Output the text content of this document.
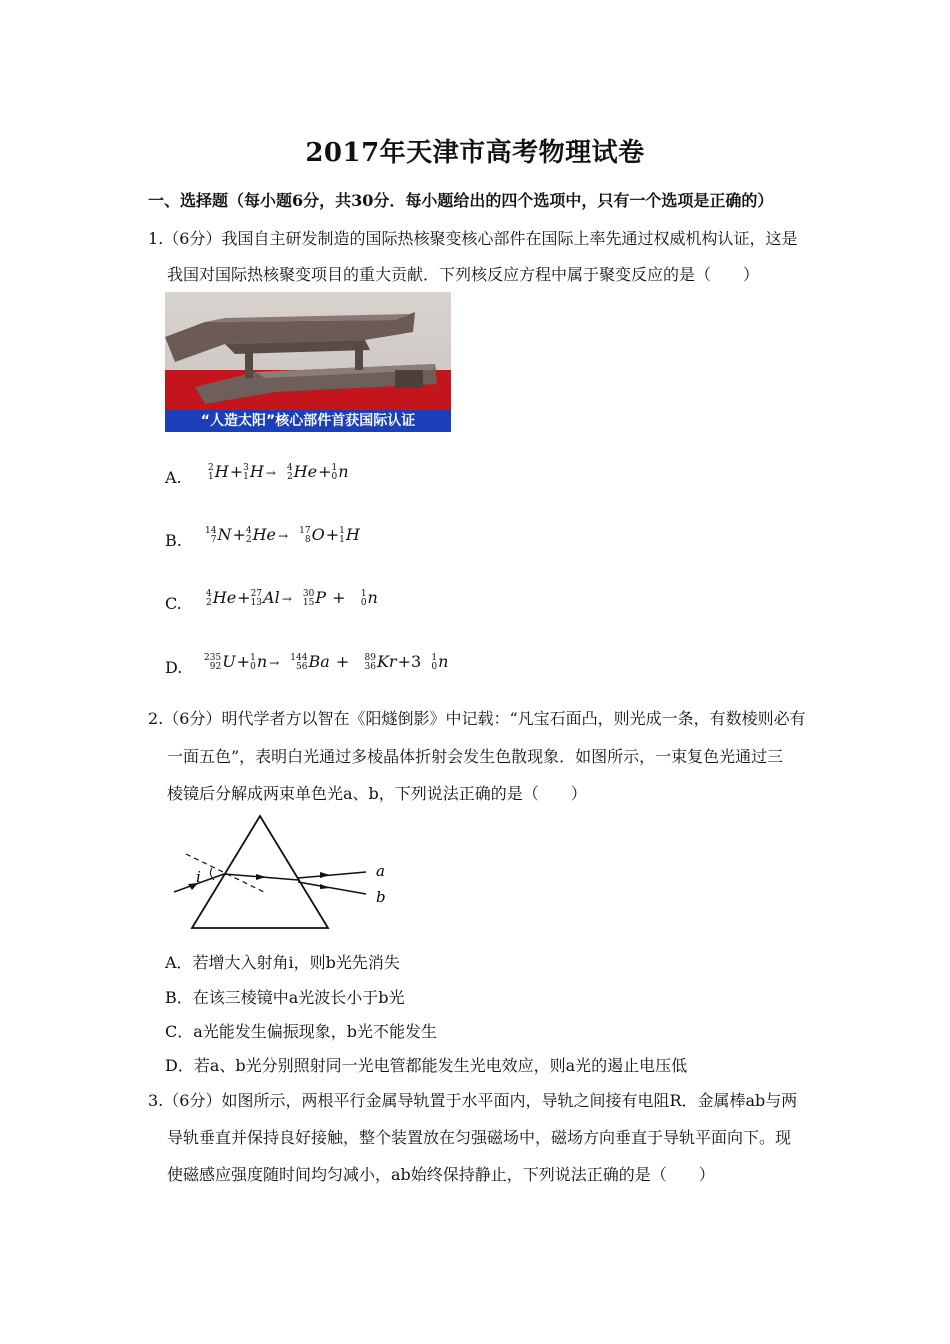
2017年天津市高考物理试卷
一、选择题（每小题6分，共30分．每小题给出的四个选项中，只有一个选项是正确的）
1.（6分）我国自主研发制造的国际热核聚变核心部件在国际上率先通过权威机构认证，这是
我国对国际热核聚变项目的重大贡献．下列核反应方程中属于聚变反应的是（　　）
“人造太阳”核心部件首获国际认证
A.
2
1 H+ 3
1 H → 4
2 He+ 1
0 n
B.
14
7 N+ 4
2 He → 17
8 O+ 1
1 H
C.
4
2 He+ 27
13 Al → 30
15 P + 1
0 n
D.
235
92 U+ 1
0 n → 144
56 Ba + 89
36 Kr+3 1
0 n
2.（6分）明代学者方以智在《阳燧倒影》中记载：“凡宝石面凸，则光成一条，有数棱则必有
一面五色”，表明白光通过多棱晶体折射会发生色散现象．如图所示，一束复色光通过三
棱镜后分解成两束单色光a、b，下列说法正确的是（　　）
i	a
b
A．若增大入射角i，则b光先消失
B．在该三棱镜中a光波长小于b光
C．a光能发生偏振现象，b光不能发生
D．若a、b光分别照射同一光电管都能发生光电效应，则a光的遏止电压低
3.（6分）如图所示，两根平行金属导轨置于水平面内，导轨之间接有电阻R．金属棒ab与两
导轨垂直并保持良好接触，整个装置放在匀强磁场中，磁场方向垂直于导轨平面向下。现
使磁感应强度随时间均匀减小，ab始终保持静止，下列说法正确的是（　　）
